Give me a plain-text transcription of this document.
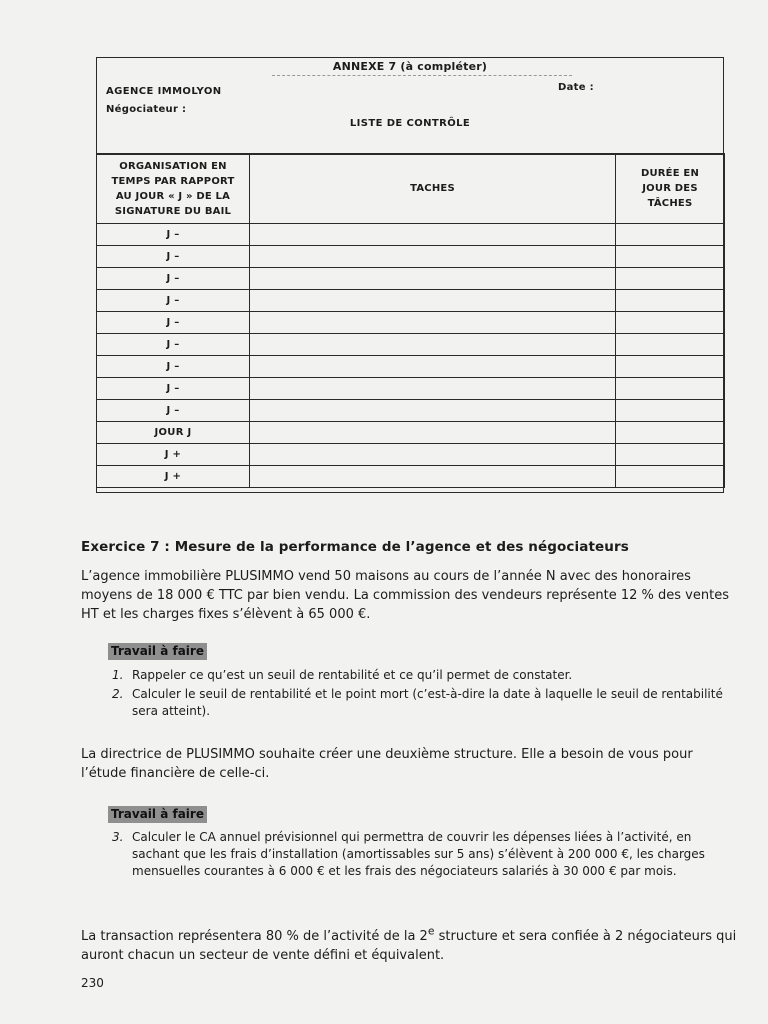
ANNEXE 7 (à compléter)
AGENCE IMMOLYON
Négociateur :
Date :
LISTE DE CONTRÔLE
ORGANISATION EN TEMPS PAR RAPPORT AU JOUR « J » DE LA SIGNATURE DU BAIL	TACHES	DURÉE EN JOUR DES TÂCHES
J –		
J –		
J –		
J –		
J –		
J –		
J –		
J –		
J –		
JOUR J		
J +		
J +		
Exercice 7 : Mesure de la performance de l’agence et des négociateurs
L’agence immobilière PLUSIMMO vend 50 maisons au cours de l’année N avec des honoraires moyens de 18 000 € TTC par bien vendu. La commission des vendeurs représente 12 % des ventes HT et les charges fixes s’élèvent à 65 000 €.
Travail à faire
1. Rappeler ce qu’est un seuil de rentabilité et ce qu’il permet de constater.
2. Calculer le seuil de rentabilité et le point mort (c’est-à-dire la date à laquelle le seuil de rentabilité sera atteint).
La directrice de PLUSIMMO souhaite créer une deuxième structure. Elle a besoin de vous pour l’étude financière de celle-ci.
Travail à faire
3. Calculer le CA annuel prévisionnel qui permettra de couvrir les dépenses liées à l’activité, en sachant que les frais d’installation (amortissables sur 5 ans) s’élèvent à 200 000 €, les charges mensuelles courantes à 6 000 € et les frais des négociateurs salariés à 30 000 € par mois.
La transaction représentera 80 % de l’activité de la 2e structure et sera confiée à 2 négociateurs qui auront chacun un secteur de vente défini et équivalent.
230
